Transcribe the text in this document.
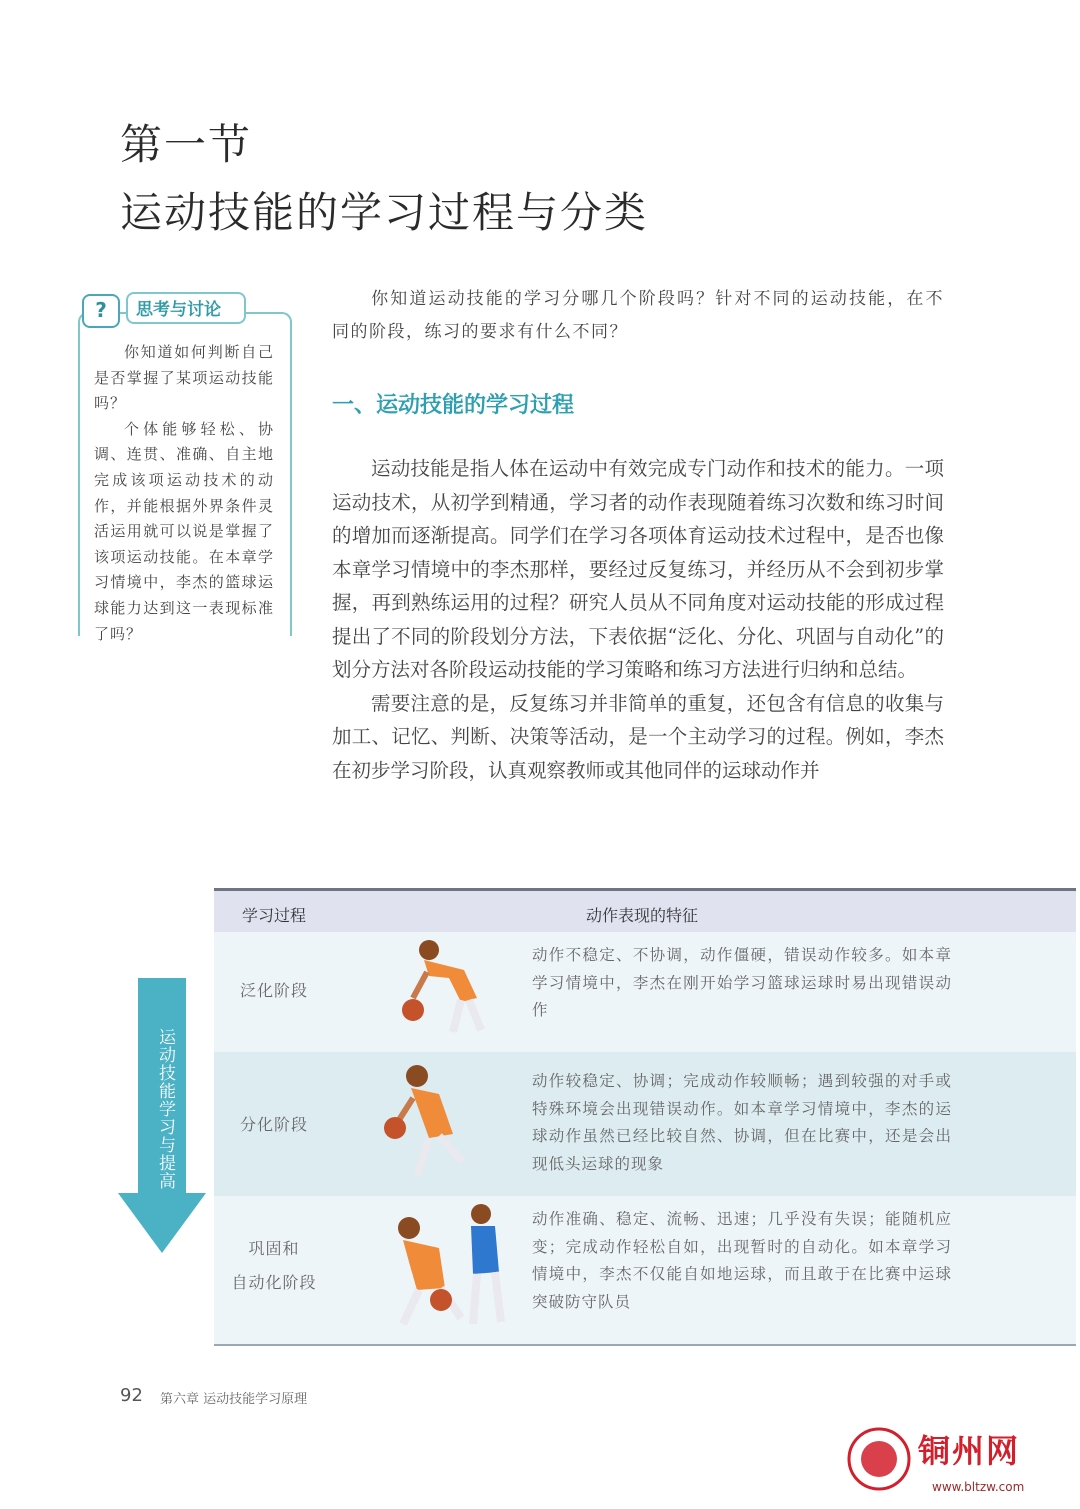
第一节
运动技能的学习过程与分类
?	思考与讨论

你知道如何判断自己是否掌握了某项运动技能吗？

个体能够轻松、协调、连贯、准确、自主地完成该项运动技术的动作，并能根据外界条件灵活运用就可以说是掌握了该项运动技能。在本章学习情境中，李杰的篮球运球能力达到这一表现标准了吗？

你知道运动技能的学习分哪几个阶段吗？针对不同的运动技能，在不同的阶段，练习的要求有什么不同？

一、运动技能的学习过程

运动技能是指人体在运动中有效完成专门动作和技术的能力。一项运动技术，从初学到精通，学习者的动作表现随着练习次数和练习时间的增加而逐渐提高。同学们在学习各项体育运动技术过程中，是否也像本章学习情境中的李杰那样，要经过反复练习，并经历从不会到初步掌握，再到熟练运用的过程？研究人员从不同角度对运动技能的形成过程提出了不同的阶段划分方法，下表依据“泛化、分化、巩固与自动化”的划分方法对各阶段运动技能的学习策略和练习方法进行归纳和总结。

需要注意的是，反复练习并非简单的重复，还包含有信息的收集与加工、记忆、判断、决策等活动，是一个主动学习的过程。例如，李杰在初步学习阶段，认真观察教师或其他同伴的运球动作并

运动技能学习与提高
学习过程	动作表现的特征
泛化阶段
动作不稳定、不协调，动作僵硬，错误动作较多。如本章学习情境中，李杰在刚开始学习篮球运球时易出现错误动作
分化阶段
动作较稳定、协调；完成动作较顺畅；遇到较强的对手或特殊环境会出现错误动作。如本章学习情境中，李杰的运球动作虽然已经比较自然、协调，但在比赛中，还是会出现低头运球的现象
巩固和
自动化阶段
动作准确、稳定、流畅、迅速；几乎没有失误；能随机应变；完成动作轻松自如，出现暂时的自动化。如本章学习情境中，李杰不仅能自如地运球，而且敢于在比赛中运球突破防守队员
92 第六章 运动技能学习原理
铜州网
www.bltzw.com
